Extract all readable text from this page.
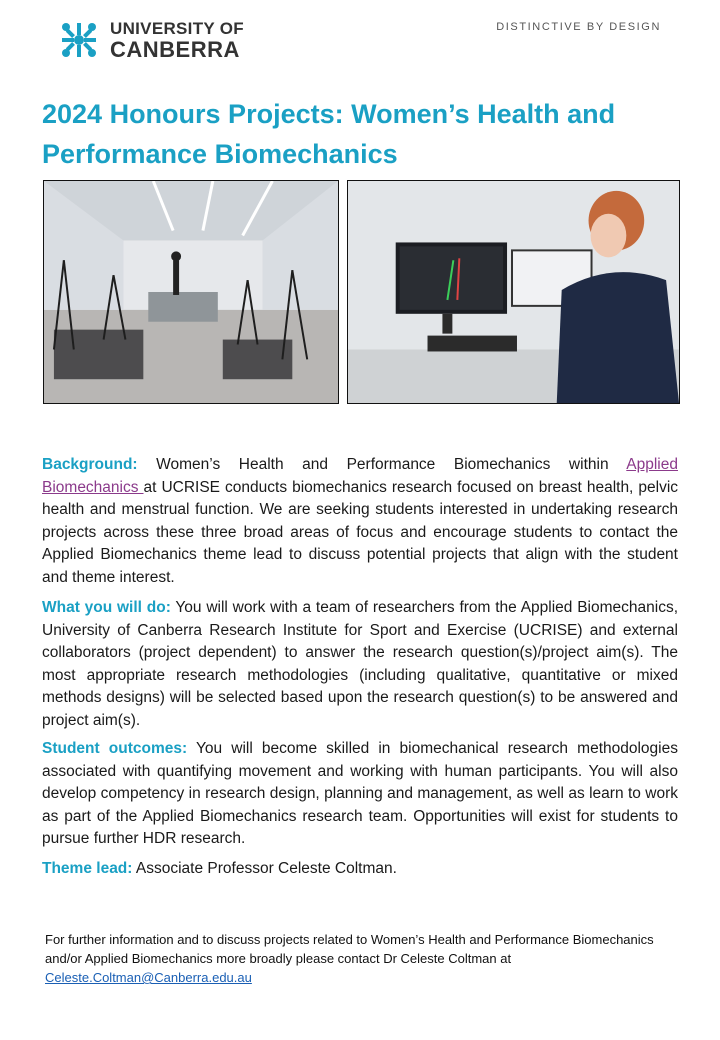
UNIVERSITY OF
CANBERRA
DISTINCTIVE BY DESIGN
2024 Honours Projects: Women’s Health and Performance Biomechanics

Background: Women’s Health and Performance Biomechanics within Applied Biomechanics at UCRISE conducts biomechanics research focused on breast health, pelvic health and menstrual function. We are seeking students interested in undertaking research projects across these three broad areas of focus and encourage students to contact the Applied Biomechanics theme lead to discuss potential projects that align with the student and theme interest.

What you will do: You will work with a team of researchers from the Applied Biomechanics, University of Canberra Research Institute for Sport and Exercise (UCRISE) and external collaborators (project dependent) to answer the research question(s)/project aim(s). The most appropriate research methodologies (including qualitative, quantitative or mixed methods designs) will be selected based upon the research question(s) to be answered and project aim(s).

Student outcomes: You will become skilled in biomechanical research methodologies associated with quantifying movement and working with human participants. You will also develop competency in research design, planning and management, as well as learn to work as part of the Applied Biomechanics research team. Opportunities will exist for students to pursue further HDR research.

Theme lead: Associate Professor Celeste Coltman.

For further information and to discuss projects related to Women’s Health and Performance Biomechanics and/or Applied Biomechanics more broadly please contact Dr Celeste Coltman at Celeste.Coltman@Canberra.edu.au
